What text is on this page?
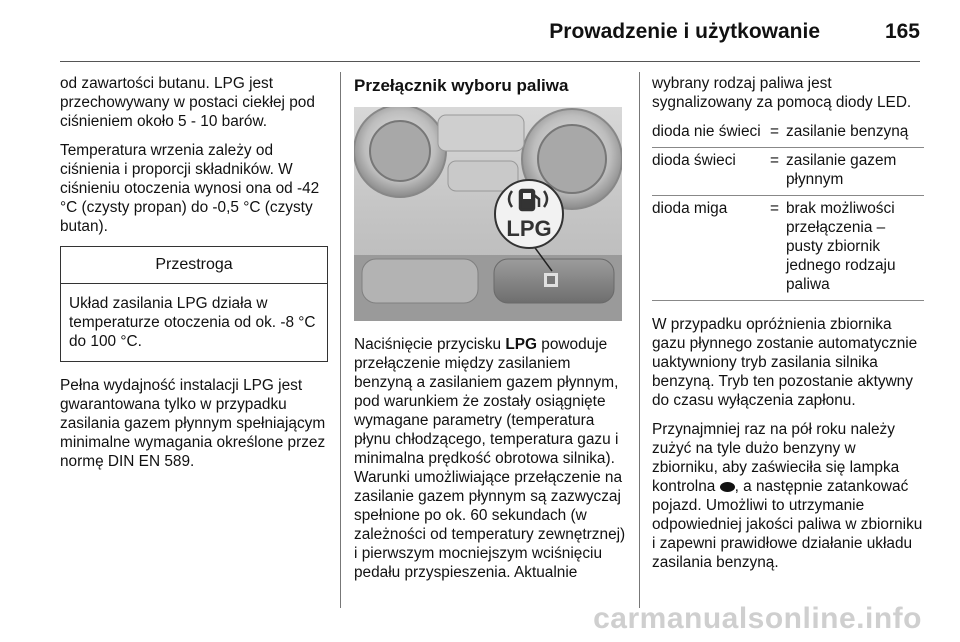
Prowadzenie i użytkowanie	165

od zawartości butanu. LPG jest przechowywany w postaci ciekłej pod ciśnieniem około 5 - 10 barów.

Temperatura wrzenia zależy od ciśnienia i proporcji składników. W ciśnieniu otoczenia wynosi ona od -42 °C (czysty propan) do -0,5 °C (czysty butan).

Przestroga
Układ zasilania LPG działa w temperaturze otoczenia od ok. -8 °C do 100 °C.

Pełna wydajność instalacji LPG jest gwarantowana tylko w przypadku zasilania gazem płynnym spełniającym minimalne wymagania określone przez normę DIN EN 589.

Przełącznik wyboru paliwa
LPG

Naciśnięcie przycisku LPG powoduje przełączenie między zasilaniem benzyną a zasilaniem gazem płynnym, pod warunkiem że zostały osiągnięte wymagane parametry (temperatura płynu chłodzącego, temperatura gazu i minimalna prędkość obrotowa silnika). Warunki umożliwiające przełączenie na zasilanie gazem płynnym są zazwyczaj spełnione po ok. 60 sekundach (w zależności od temperatury zewnętrznej) i pierwszym mocniejszym wciśnięciu pedału przyspieszenia. Aktualnie

wybrany rodzaj paliwa jest sygnalizowany za pomocą diody LED.

dioda nie świeci = zasilanie benzyną
dioda świeci	= zasilanie gazem płynnym
dioda miga	= brak możliwości przełączenia – pusty zbiornik jednego rodzaju paliwa

W przypadku opróżnienia zbiornika gazu płynnego zostanie automatycznie uaktywniony tryb zasilania silnika benzyną. Tryb ten pozostanie aktywny do czasu wyłączenia zapłonu.

Przynajmniej raz na pół roku należy zużyć na tyle dużo benzyny w zbiorniku, aby zaświeciła się lampka kontrolna , a następnie zatankować pojazd. Umożliwi to utrzymanie odpowiedniej jakości paliwa w zbiorniku i zapewni prawidłowe działanie układu zasilania benzyną.

carmanualsonline.info
